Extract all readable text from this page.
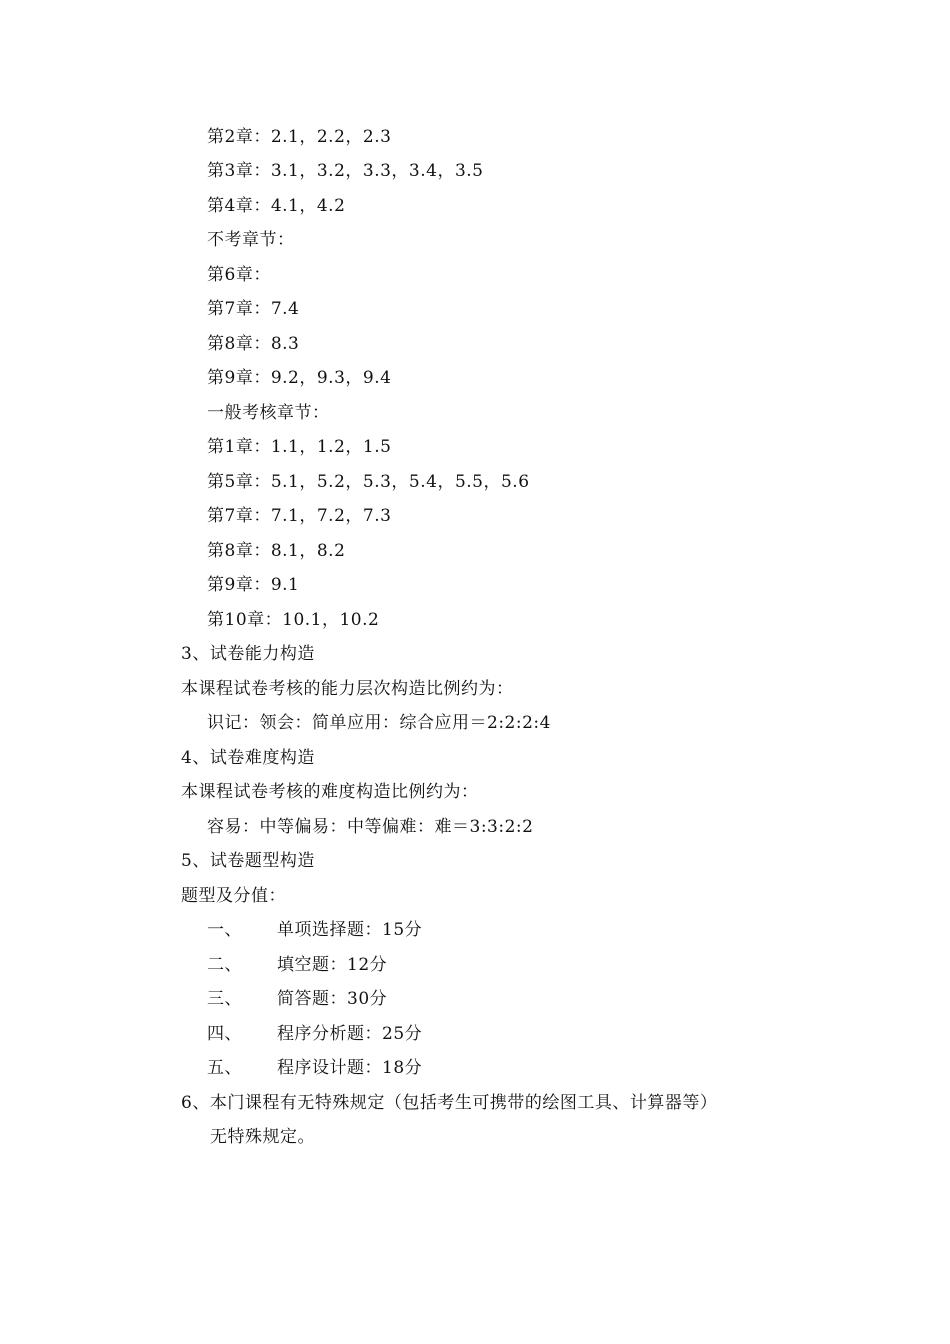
第2章：2.1，2.2，2.3
第3章：3.1，3.2，3.3，3.4，3.5
第4章：4.1，4.2
不考章节：
第6章：
第7章：7.4
第8章：8.3
第9章：9.2，9.3，9.4
一般考核章节：
第1章：1.1，1.2，1.5
第5章：5.1，5.2，5.3，5.4，5.5，5.6
第7章：7.1，7.2，7.3
第8章：8.1，8.2
第9章：9.1
第10章：10.1，10.2
3、试卷能力构造
本课程试卷考核的能力层次构造比例约为：
识记：领会：简单应用：综合应用＝2:2:2:4
4、试卷难度构造
本课程试卷考核的难度构造比例约为：
容易：中等偏易：中等偏难：难＝3:3:2:2
5、试卷题型构造
题型及分值：
一、 单项选择题：15分
二、 填空题：12分
三、 简答题：30分
四、 程序分析题：25分
五、 程序设计题：18分
6、本门课程有无特殊规定（包括考生可携带的绘图工具、计算器等）
无特殊规定。
